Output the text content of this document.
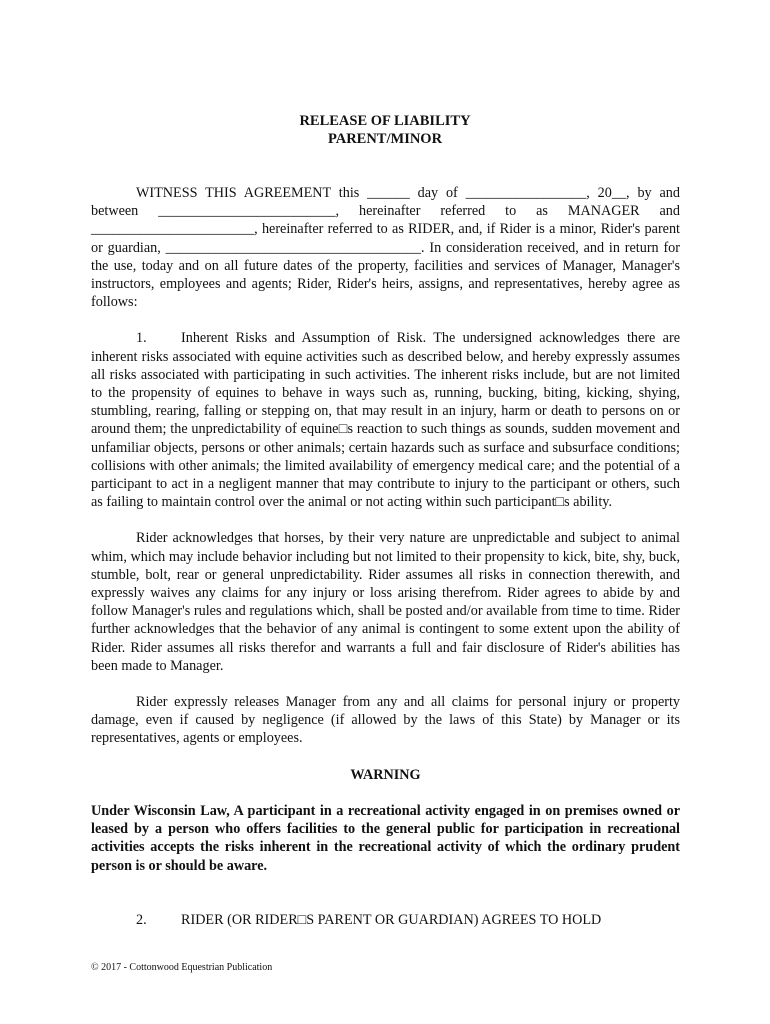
RELEASE OF LIABILITY
PARENT/MINOR

WITNESS THIS AGREEMENT this ______ day of _________________, 20__, by and between _________________________, hereinafter referred to as MANAGER and _______________________, hereinafter referred to as RIDER, and, if Rider is a minor, Rider's parent or guardian, ____________________________________. In consideration received, and in return for the use, today and on all future dates of the property, facilities and services of Manager, Manager's instructors, employees and agents; Rider, Rider's heirs, assigns, and representatives, hereby agree as follows:

1. Inherent Risks and Assumption of Risk. The undersigned acknowledges there are inherent risks associated with equine activities such as described below, and hereby expressly assumes all risks associated with participating in such activities. The inherent risks include, but are not limited to the propensity of equines to behave in ways such as, running, bucking, biting, kicking, shying, stumbling, rearing, falling or stepping on, that may result in an injury, harm or death to persons on or around them; the unpredictability of equine□s reaction to such things as sounds, sudden movement and unfamiliar objects, persons or other animals; certain hazards such as surface and subsurface conditions; collisions with other animals; the limited availability of emergency medical care; and the potential of a participant to act in a negligent manner that may contribute to injury to the participant or others, such as failing to maintain control over the animal or not acting within such participant□s ability.

Rider acknowledges that horses, by their very nature are unpredictable and subject to animal whim, which may include behavior including but not limited to their propensity to kick, bite, shy, buck, stumble, bolt, rear or general unpredictability. Rider assumes all risks in connection therewith, and expressly waives any claims for any injury or loss arising therefrom. Rider agrees to abide by and follow Manager's rules and regulations which, shall be posted and/or available from time to time. Rider further acknowledges that the behavior of any animal is contingent to some extent upon the ability of Rider. Rider assumes all risks therefor and warrants a full and fair disclosure of Rider's abilities has been made to Manager.

Rider expressly releases Manager from any and all claims for personal injury or property damage, even if caused by negligence (if allowed by the laws of this State) by Manager or its representatives, agents or employees.

WARNING

Under Wisconsin Law, A participant in a recreational activity engaged in on premises owned or leased by a person who offers facilities to the general public for participation in recreational activities accepts the risks inherent in the recreational activity of which the ordinary prudent person is or should be aware.

2. RIDER (OR RIDER□S PARENT OR GUARDIAN) AGREES TO HOLD

© 2017 - Cottonwood Equestrian Publication
